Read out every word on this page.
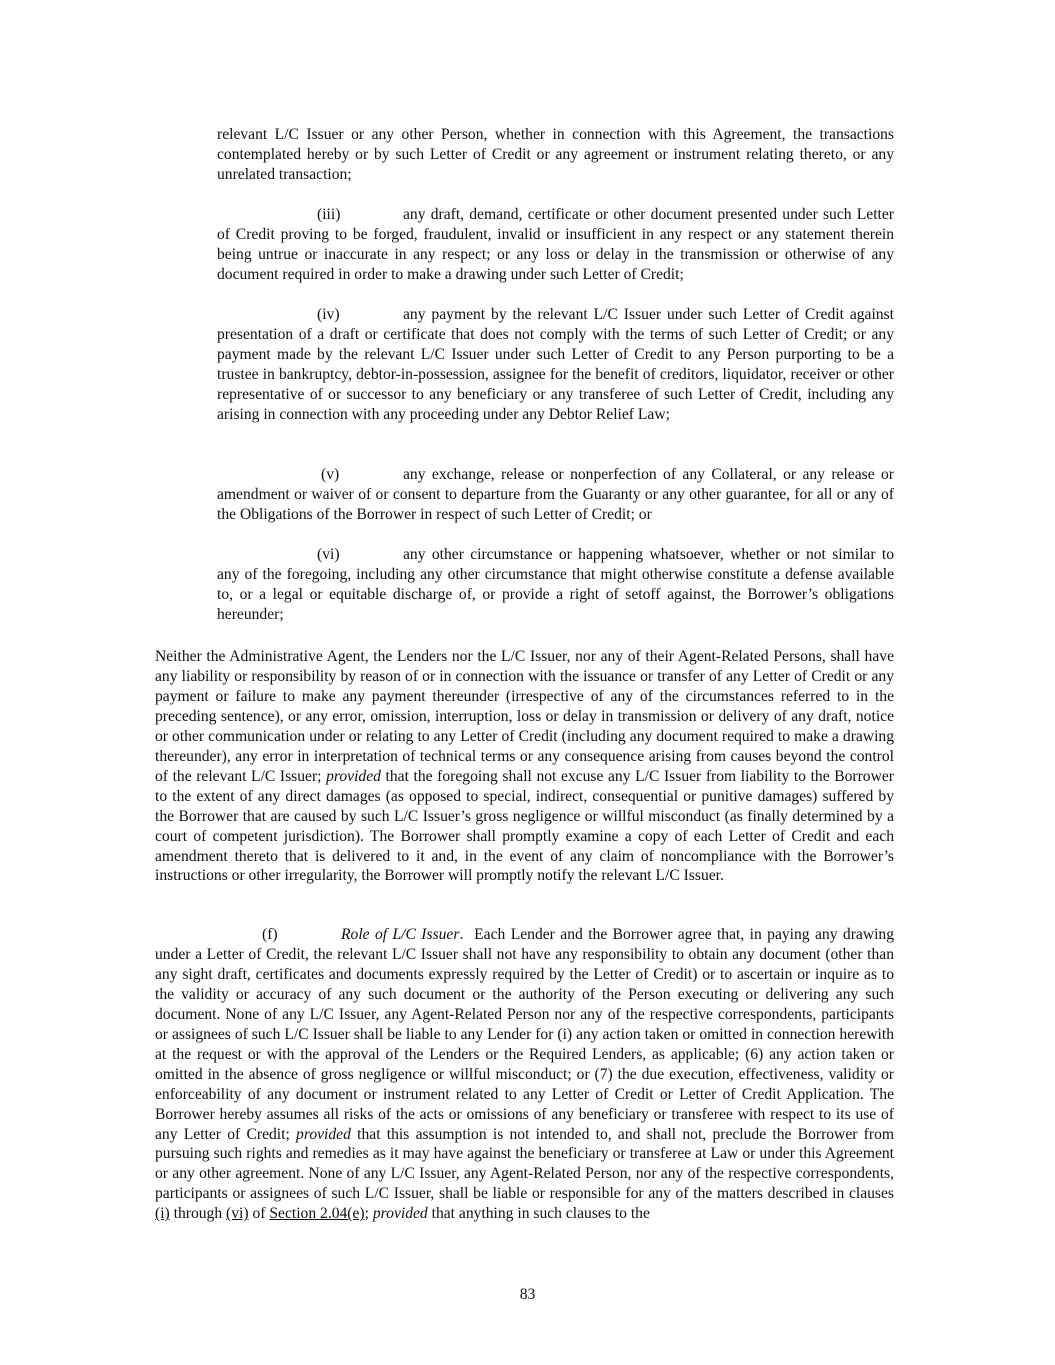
relevant L/C Issuer or any other Person, whether in connection with this Agreement, the transactions contemplated hereby or by such Letter of Credit or any agreement or instrument relating thereto, or any unrelated transaction;

(iii)	any draft, demand, certificate or other document presented under such Letter of Credit proving to be forged, fraudulent, invalid or insufficient in any respect or any statement therein being untrue or inaccurate in any respect; or any loss or delay in the transmission or otherwise of any document required in order to make a drawing under such Letter of Credit;

(iv)	any payment by the relevant L/C Issuer under such Letter of Credit against presentation of a draft or certificate that does not comply with the terms of such Letter of Credit; or any payment made by the relevant L/C Issuer under such Letter of Credit to any Person purporting to be a trustee in bankruptcy, debtor-in-possession, assignee for the benefit of creditors, liquidator, receiver or other representative of or successor to any beneficiary or any transferee of such Letter of Credit, including any arising in connection with any proceeding under any Debtor Relief Law;

(v)	any exchange, release or nonperfection of any Collateral, or any release or amendment or waiver of or consent to departure from the Guaranty or any other guarantee, for all or any of the Obligations of the Borrower in respect of such Letter of Credit; or

(vi)	any other circumstance or happening whatsoever, whether or not similar to any of the foregoing, including any other circumstance that might otherwise constitute a defense available to, or a legal or equitable discharge of, or provide a right of setoff against, the Borrower’s obligations hereunder;

Neither the Administrative Agent, the Lenders nor the L/C Issuer, nor any of their Agent-Related Persons, shall have any liability or responsibility by reason of or in connection with the issuance or transfer of any Letter of Credit or any payment or failure to make any payment thereunder (irrespective of any of the circumstances referred to in the preceding sentence), or any error, omission, interruption, loss or delay in transmission or delivery of any draft, notice or other communication under or relating to any Letter of Credit (including any document required to make a drawing thereunder), any error in interpretation of technical terms or any consequence arising from causes beyond the control of the relevant L/C Issuer; provided that the foregoing shall not excuse any L/C Issuer from liability to the Borrower to the extent of any direct damages (as opposed to special, indirect, consequential or punitive damages) suffered by the Borrower that are caused by such L/C Issuer’s gross negligence or willful misconduct (as finally determined by a court of competent jurisdiction). The Borrower shall promptly examine a copy of each Letter of Credit and each amendment thereto that is delivered to it and, in the event of any claim of noncompliance with the Borrower’s instructions or other irregularity, the Borrower will promptly notify the relevant L/C Issuer.

(f)	Role of L/C Issuer. Each Lender and the Borrower agree that, in paying any drawing under a Letter of Credit, the relevant L/C Issuer shall not have any responsibility to obtain any document (other than any sight draft, certificates and documents expressly required by the Letter of Credit) or to ascertain or inquire as to the validity or accuracy of any such document or the authority of the Person executing or delivering any such document. None of any L/C Issuer, any Agent-Related Person nor any of the respective correspondents, participants or assignees of such L/C Issuer shall be liable to any Lender for (i) any action taken or omitted in connection herewith at the request or with the approval of the Lenders or the Required Lenders, as applicable; (6) any action taken or omitted in the absence of gross negligence or willful misconduct; or (7) the due execution, effectiveness, validity or enforceability of any document or instrument related to any Letter of Credit or Letter of Credit Application. The Borrower hereby assumes all risks of the acts or omissions of any beneficiary or transferee with respect to its use of any Letter of Credit; provided that this assumption is not intended to, and shall not, preclude the Borrower from pursuing such rights and remedies as it may have against the beneficiary or transferee at Law or under this Agreement or any other agreement. None of any L/C Issuer, any Agent-Related Person, nor any of the respective correspondents, participants or assignees of such L/C Issuer, shall be liable or responsible for any of the matters described in clauses (i) through (vi) of Section 2.04(e); provided that anything in such clauses to the

83
